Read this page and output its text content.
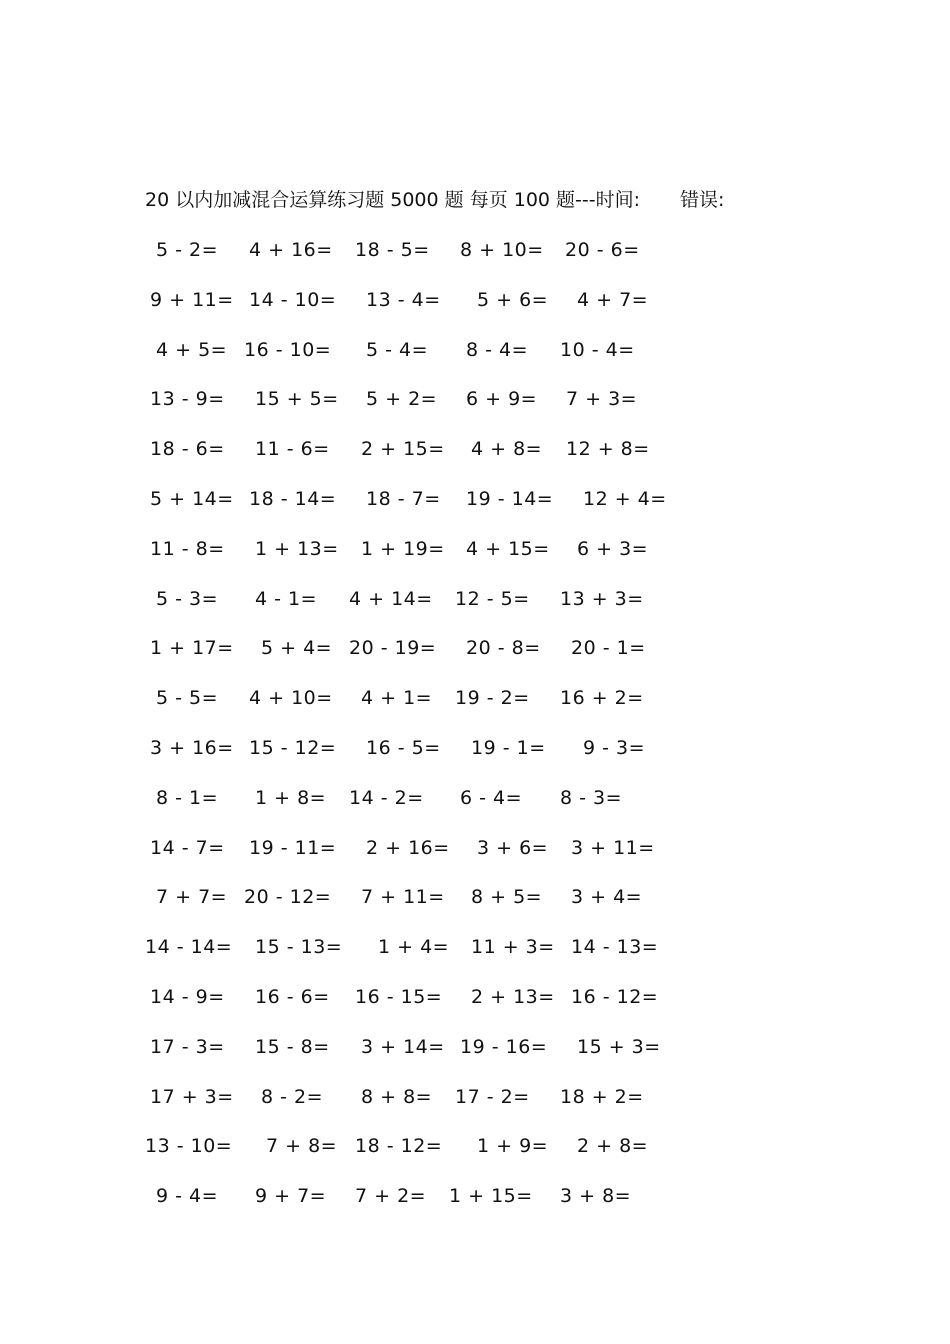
20 以内加减混合运算练习题 5000 题 每页 100 题---时间: 错误:
5 - 2= 4 + 16= 18 - 5= 8 + 10= 20 - 6=
9 + 11= 14 - 10= 13 - 4= 5 + 6= 4 + 7=
4 + 5= 16 - 10= 5 - 4= 8 - 4= 10 - 4=
13 - 9= 15 + 5= 5 + 2= 6 + 9= 7 + 3=
18 - 6= 11 - 6= 2 + 15= 4 + 8= 12 + 8=
5 + 14= 18 - 14= 18 - 7= 19 - 14= 12 + 4=
11 - 8= 1 + 13= 1 + 19= 4 + 15= 6 + 3=
5 - 3= 4 - 1= 4 + 14= 12 - 5= 13 + 3=
1 + 17= 5 + 4= 20 - 19= 20 - 8= 20 - 1=
5 - 5= 4 + 10= 4 + 1= 19 - 2= 16 + 2=
3 + 16= 15 - 12= 16 - 5= 19 - 1= 9 - 3=
8 - 1= 1 + 8= 14 - 2= 6 - 4= 8 - 3=
14 - 7= 19 - 11= 2 + 16= 3 + 6= 3 + 11=
7 + 7= 20 - 12= 7 + 11= 8 + 5= 3 + 4=
14 - 14= 15 - 13= 1 + 4= 11 + 3= 14 - 13=
14 - 9= 16 - 6= 16 - 15= 2 + 13= 16 - 12=
17 - 3= 15 - 8= 3 + 14= 19 - 16= 15 + 3=
17 + 3= 8 - 2= 8 + 8= 17 - 2= 18 + 2=
13 - 10= 7 + 8= 18 - 12= 1 + 9= 2 + 8=
9 - 4= 9 + 7= 7 + 2= 1 + 15= 3 + 8=
